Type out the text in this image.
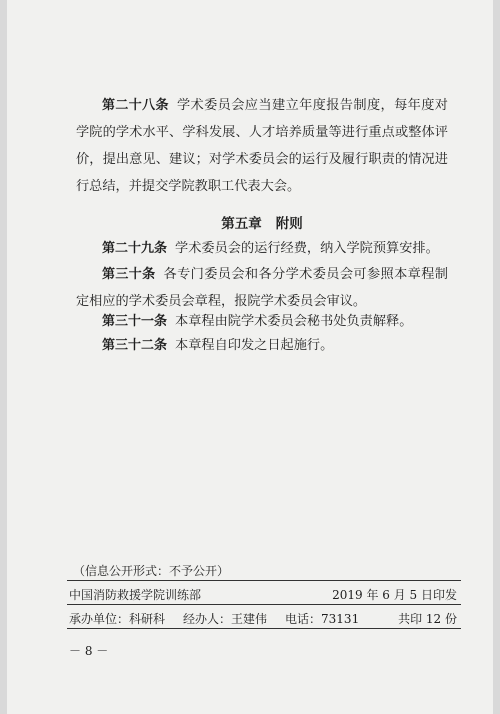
第二十八条 学术委员会应当建立年度报告制度，每年度对学院的学术水平、学科发展、人才培养质量等进行重点或整体评价，提出意见、建议；对学术委员会的运行及履行职责的情况进行总结，并提交学院教职工代表大会。

第五章 附则

第二十九条 学术委员会的运行经费，纳入学院预算安排。

第三十条 各专门委员会和各分学术委员会可参照本章程制定相应的学术委员会章程，报院学术委员会审议。

第三十一条 本章程由院学术委员会秘书处负责解释。

第三十二条 本章程自印发之日起施行。

（信息公开形式：不予公开）
中国消防救援学院训练部	2019 年 6 月 5 日印发
承办单位：科研科 经办人：王建伟 电话：73131	共印 12 份
－ 8 －
